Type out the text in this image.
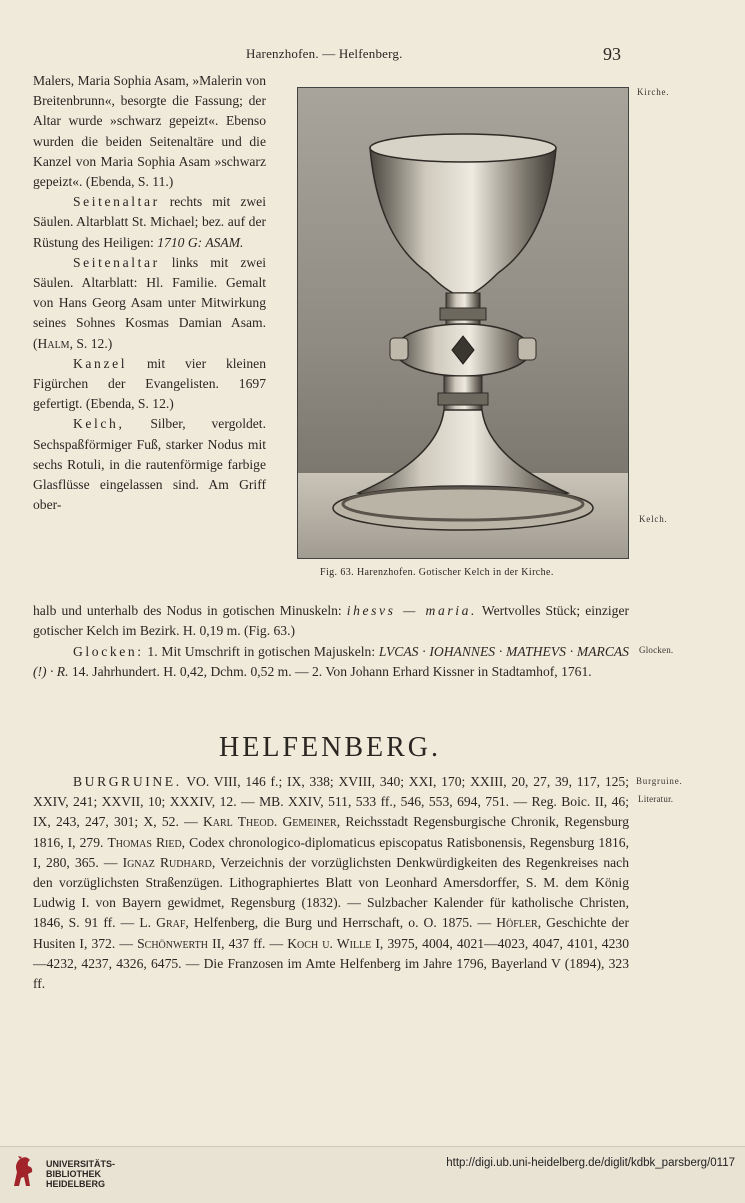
Harenzhofen. — Helfenberg.	93
Kirche.
Kelch.
Glocken.
Burgruine.
Literatur.

Malers, Maria Sophia Asam, »Malerin von Breitenbrunn«, besorgte die Fassung; der Altar wurde »schwarz gepeizt«. Ebenso wurden die beiden Seitenaltäre und die Kanzel von Maria Sophia Asam »schwarz gepeizt«. (Ebenda, S. 11.)

Seitenaltar rechts mit zwei Säulen. Altarblatt St. Michael; bez. auf der Rüstung des Heiligen: 1710 G: ASAM.

Seitenaltar links mit zwei Säulen. Altarblatt: Hl. Familie. Gemalt von Hans Georg Asam unter Mitwirkung seines Sohnes Kosmas Damian Asam. (Halm, S. 12.)

Kanzel mit vier kleinen Figürchen der Evangelisten. 1697 gefertigt. (Ebenda, S. 12.)

Kelch, Silber, vergoldet. Sechspaßförmiger Fuß, starker Nodus mit sechs Rotuli, in die rautenförmige farbige Glasflüsse eingelassen sind. Am Griff ober-

Fig. 63. Harenzhofen. Gotischer Kelch in der Kirche.

halb und unterhalb des Nodus in gotischen Minuskeln: ihesvs — maria. Wertvolles Stück; einziger gotischer Kelch im Bezirk. H. 0,19 m. (Fig. 63.)

Glocken: 1. Mit Umschrift in gotischen Majuskeln: LVCAS · IOHANNES · MATHEVS · MARCAS (!) · R. 14. Jahrhundert. H. 0,42, Dchm. 0,52 m. — 2. Von Johann Erhard Kissner in Stadtamhof, 1761.

HELFENBERG.

BURGRUINE. VO. VIII, 146 f.; IX, 338; XVIII, 340; XXI, 170; XXIII, 20, 27, 39, 117, 125; XXIV, 241; XXVII, 10; XXXIV, 12. — MB. XXIV, 511, 533 ff., 546, 553, 694, 751. — Reg. Boic. II, 46; IX, 243, 247, 301; X, 52. — Karl Theod. Gemeiner, Reichsstadt Regensburgische Chronik, Regensburg 1816, I, 279. Thomas Ried, Codex chronologico-diplomaticus episcopatus Ratisbonensis, Regensburg 1816, I, 280, 365. — Ignaz Rudhard, Verzeichnis der vorzüglichsten Denkwürdigkeiten des Regenkreises nach den vorzüglichsten Straßenzügen. Lithographiertes Blatt von Leonhard Amersdorffer, S. M. dem König Ludwig I. von Bayern gewidmet, Regensburg (1832). — Sulzbacher Kalender für katholische Christen, 1846, S. 91 ff. — L. Graf, Helfenberg, die Burg und Herrschaft, o. O. 1875. — Höfler, Geschichte der Husiten I, 372. — Schönwerth II, 437 ff. — Koch u. Wille I, 3975, 4004, 4021—4023, 4047, 4101, 4230—4232, 4237, 4326, 6475. — Die Franzosen im Amte Helfenberg im Jahre 1796, Bayerland V (1894), 323 ff.

UNIVERSITÄTS-
BIBLIOTHEK
HEIDELBERG
http://digi.ub.uni-heidelberg.de/diglit/kdbk_parsberg/0117
